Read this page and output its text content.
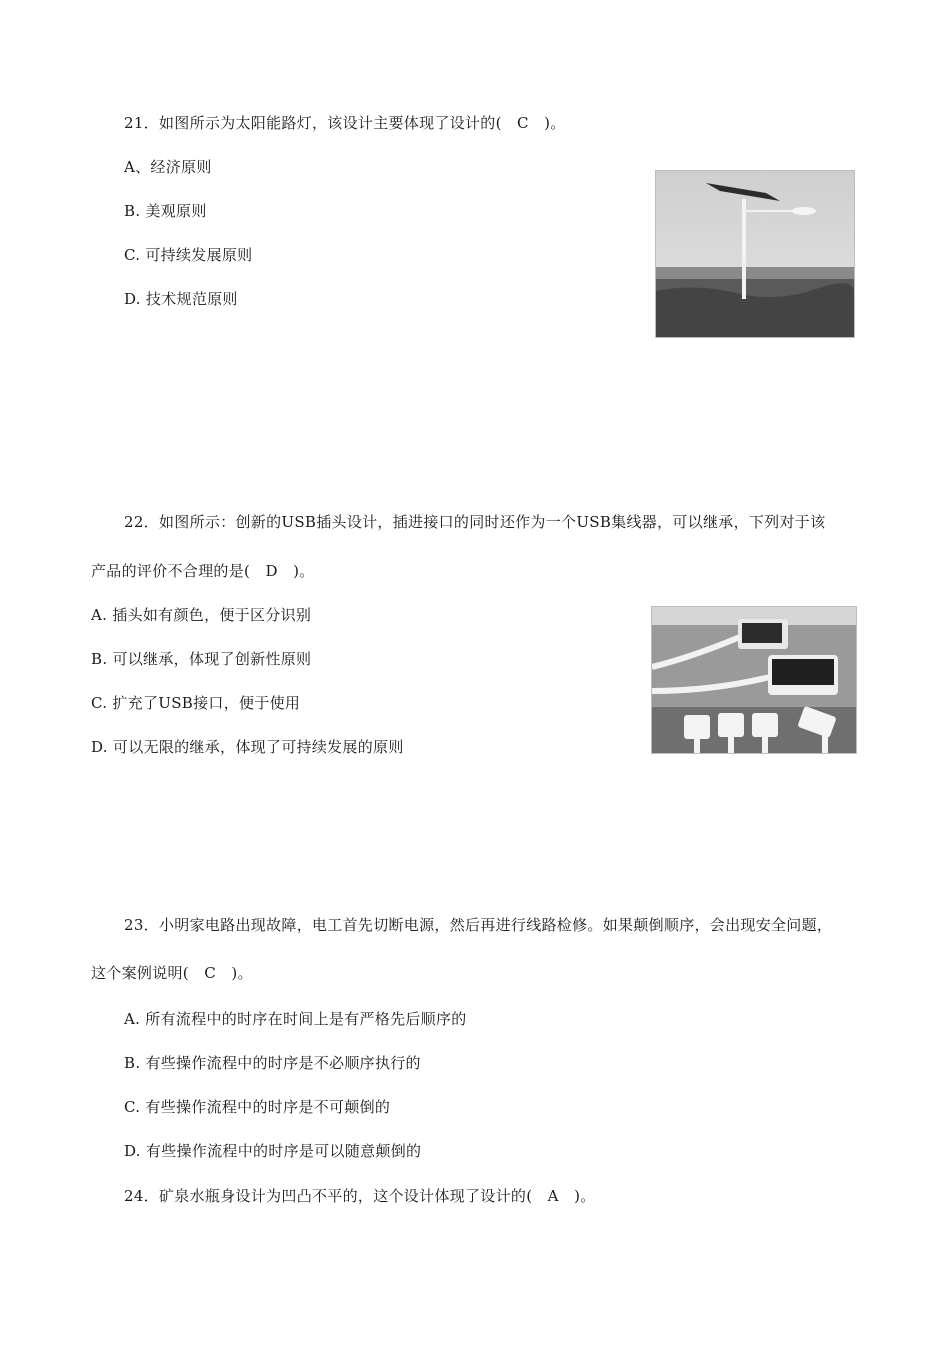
21．如图所示为太阳能路灯，该设计主要体现了设计的(　C　)。
A、经济原则
B. 美观原则
C. 可持续发展原则
D. 技术规范原则
22．如图所示：创新的USB插头设计，插进接口的同时还作为一个USB集线器，可以继承，下列对于该
产品的评价不合理的是(　D　)。
A. 插头如有颜色，便于区分识别
B. 可以继承，体现了创新性原则
C. 扩充了USB接口，便于使用
D. 可以无限的继承，体现了可持续发展的原则
23．小明家电路出现故障，电工首先切断电源，然后再进行线路检修。如果颠倒顺序，会出现安全问题，
这个案例说明(　C　)。
A. 所有流程中的时序在时间上是有严格先后顺序的
B. 有些操作流程中的时序是不必顺序执行的
C. 有些操作流程中的时序是不可颠倒的
D. 有些操作流程中的时序是可以随意颠倒的
24．矿泉水瓶身设计为凹凸不平的，这个设计体现了设计的(　A　)。
